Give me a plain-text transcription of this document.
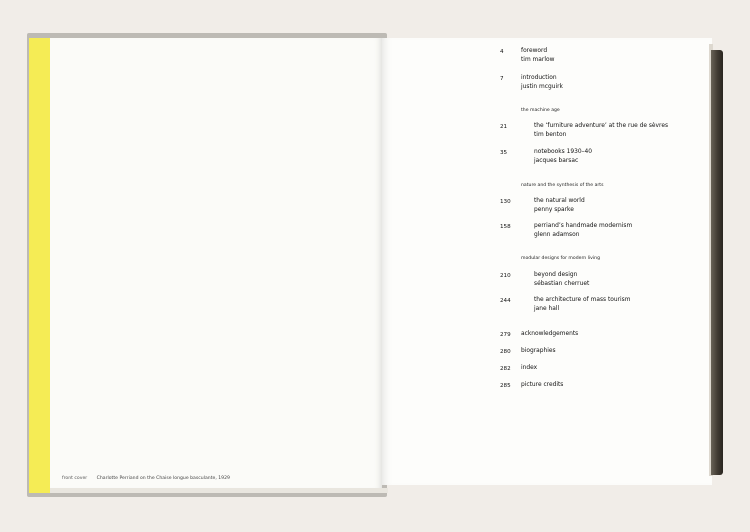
front cover Charlotte Perriand on the Chaise longue basculante, 1929
4	foreword
tim marlow
7	introduction
justin mcguirk
the machine age
21	the ‘furniture adventure’ at the rue de sèvres
tim benton
35	notebooks 1930–40
jacques barsac
nature and the synthesis of the arts
130	the natural world
penny sparke
158	perriand’s handmade modernism
glenn adamson
modular designs for modern living
210	beyond design
sébastian cherruet
244	the architecture of mass tourism
jane hall
279	acknowledgements
280	biographies
282	index
285	picture credits
